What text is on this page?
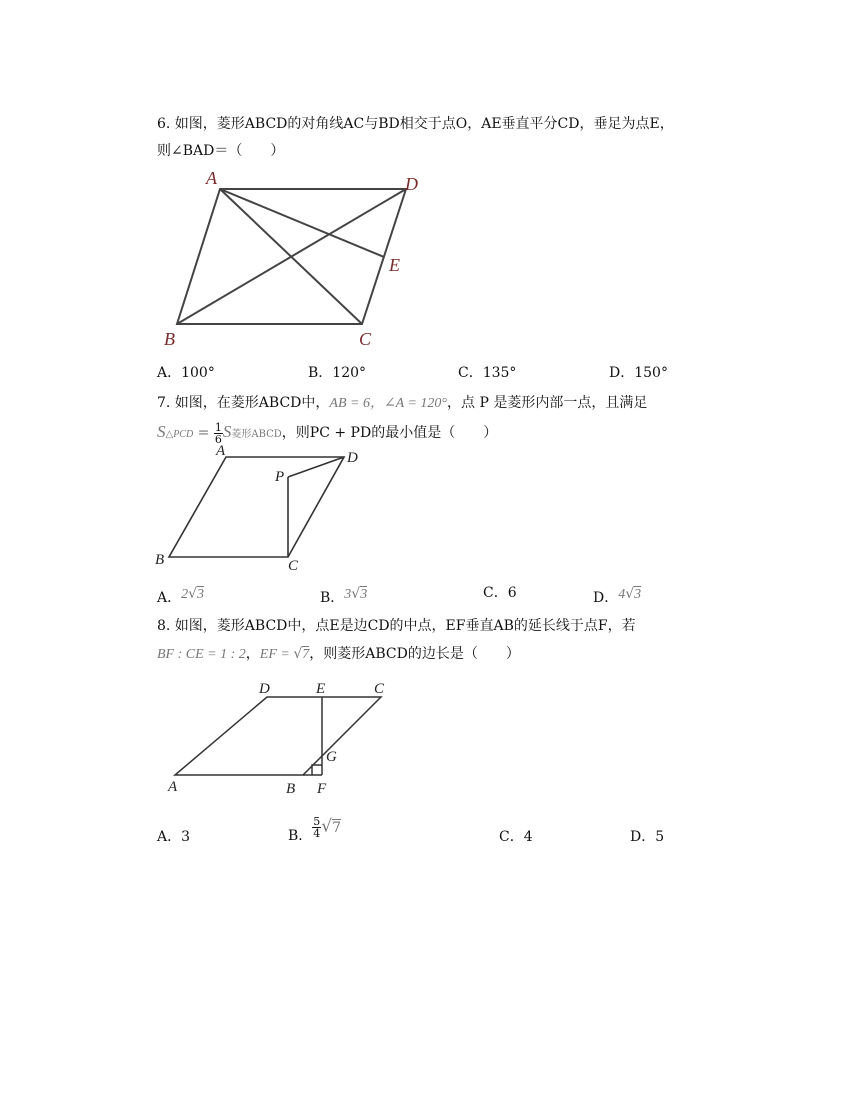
6. 如图，菱形ABCD的对角线AC与BD相交于点O，AE垂直平分CD，垂足为点E，
则∠BAD＝（　　）
A	D
E
B	C
A．100°	B．120°	C．135°	D．150°
7. 如图，在菱形ABCD中，AB = 6，∠A = 120°，点 P 是菱形内部一点，且满足
S△PCD = $\frac{1}{6}$ S菱形ABCD，则PC + PD的最小值是（　　）
A	D
P
B	C
A．2√3	B．3√3	C．6	D．4√3
8. 如图，菱形ABCD中，点E是边CD的中点，EF垂直AB的延长线于点F，若
BF : CE = 1 : 2，EF = √7，则菱形ABCD的边长是（　　）
D	E	C
G
A	B F
A．3	B． $\frac{5}{4} √7$
C．4	D．5
